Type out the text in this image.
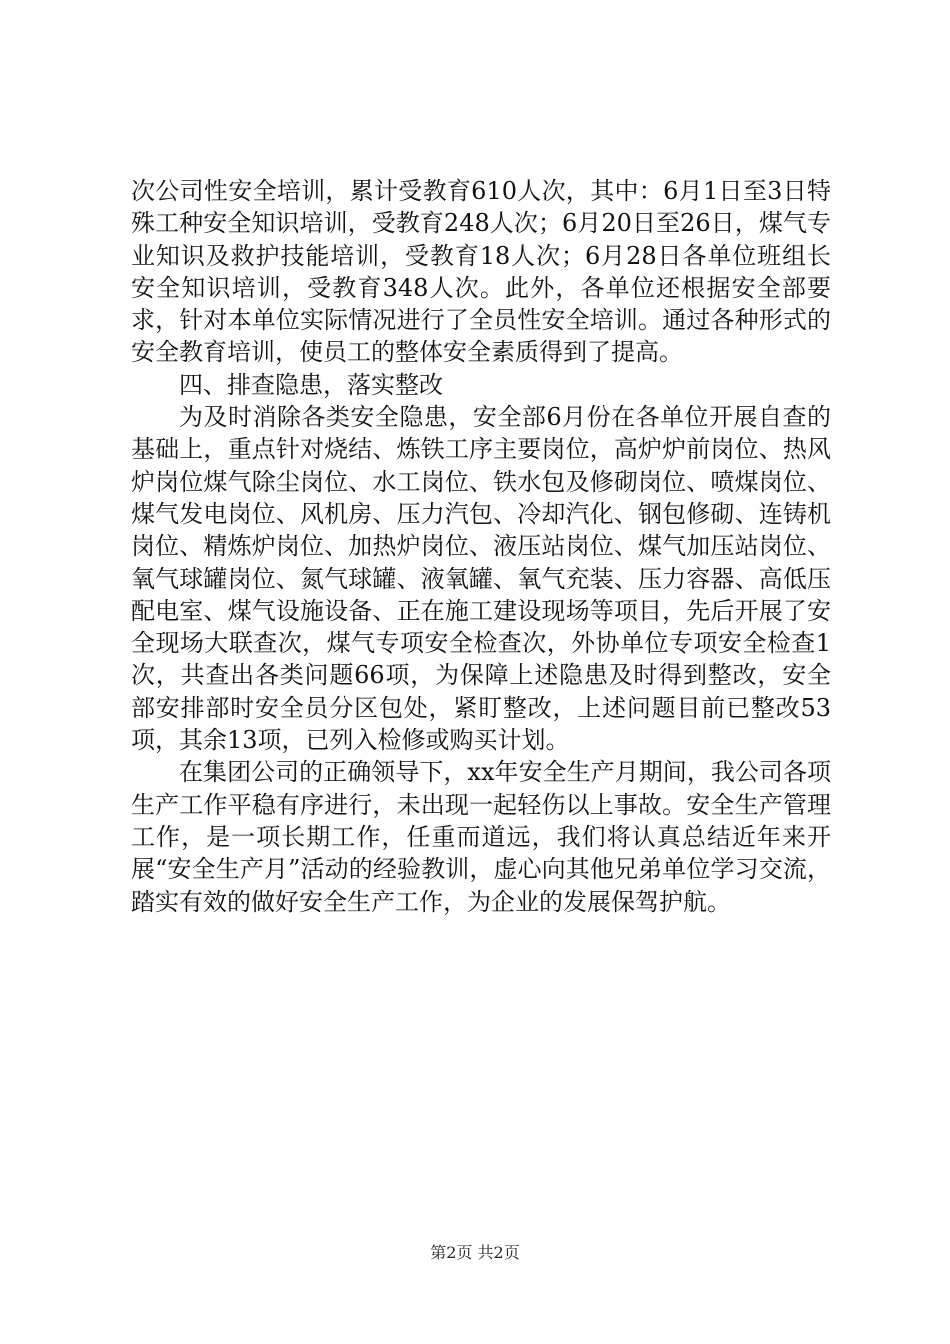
次公司性安全培训，累计受教育610人次，其中：6月1日至3日特殊工种安全知识培训，受教育248人次；6月20日至26日，煤气专业知识及救护技能培训，受教育18人次；6月28日各单位班组长安全知识培训，受教育348人次。此外，各单位还根据安全部要求，针对本单位实际情况进行了全员性安全培训。通过各种形式的安全教育培训，使员工的整体安全素质得到了提高。

四、排查隐患，落实整改

为及时消除各类安全隐患，安全部6月份在各单位开展自查的基础上，重点针对烧结、炼铁工序主要岗位，高炉炉前岗位、热风炉岗位煤气除尘岗位、水工岗位、铁水包及修砌岗位、喷煤岗位、煤气发电岗位、风机房、压力汽包、冷却汽化、钢包修砌、连铸机岗位、精炼炉岗位、加热炉岗位、液压站岗位、煤气加压站岗位、氧气球罐岗位、氮气球罐、液氧罐、氧气充装、压力容器、高低压配电室、煤气设施设备、正在施工建设现场等项目，先后开展了安全现场大联查次，煤气专项安全检查次，外协单位专项安全检查1次，共查出各类问题66项，为保障上述隐患及时得到整改，安全部安排部时安全员分区包处，紧盯整改，上述问题目前已整改53项，其余13项，已列入检修或购买计划。

在集团公司的正确领导下，xx年安全生产月期间，我公司各项生产工作平稳有序进行，未出现一起轻伤以上事故。安全生产管理工作，是一项长期工作，任重而道远，我们将认真总结近年来开展“安全生产月”活动的经验教训，虚心向其他兄弟单位学习交流，踏实有效的做好安全生产工作，为企业的发展保驾护航。

第2页 共2页
